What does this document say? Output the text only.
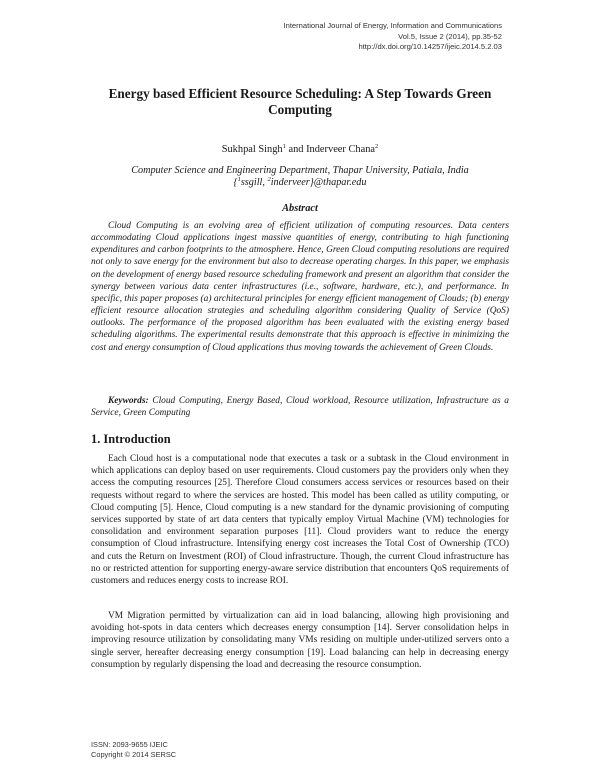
International Journal of Energy, Information and Communications
Vol.5, Issue 2 (2014), pp.35-52
http://dx.doi.org/10.14257/ijeic.2014.5.2.03
Energy based Efficient Resource Scheduling: A Step Towards Green Computing
Sukhpal Singh$^1$ and Inderveer Chana$^2$
Computer Science and Engineering Department, Thapar University, Patiala, India
{$^1$ssgill, $^2$inderveer}@thapar.edu
Abstract

Cloud Computing is an evolving area of efficient utilization of computing resources. Data centers accommodating Cloud applications ingest massive quantities of energy, contributing to high functioning expenditures and carbon footprints to the atmosphere. Hence, Green Cloud computing resolutions are required not only to save energy for the environment but also to decrease operating charges. In this paper, we emphasis on the development of energy based resource scheduling framework and present an algorithm that consider the synergy between various data center infrastructures (i.e., software, hardware, etc.), and performance. In specific, this paper proposes (a) architectural principles for energy efficient management of Clouds; (b) energy efficient resource allocation strategies and scheduling algorithm considering Quality of Service (QoS) outlooks. The performance of the proposed algorithm has been evaluated with the existing energy based scheduling algorithms. The experimental results demonstrate that this approach is effective in minimizing the cost and energy consumption of Cloud applications thus moving towards the achievement of Green Clouds.

Keywords: Cloud Computing, Energy Based, Cloud workload, Resource utilization, Infrastructure as a Service, Green Computing

1. Introduction

Each Cloud host is a computational node that executes a task or a subtask in the Cloud environment in which applications can deploy based on user requirements. Cloud customers pay the providers only when they access the computing resources [25]. Therefore Cloud consumers access services or resources based on their requests without regard to where the services are hosted. This model has been called as utility computing, or Cloud computing [5]. Hence, Cloud computing is a new standard for the dynamic provisioning of computing services supported by state of art data centers that typically employ Virtual Machine (VM) technologies for consolidation and environment separation purposes [11]. Cloud providers want to reduce the energy consumption of Cloud infrastructure. Intensifying energy cost increases the Total Cost of Ownership (TCO) and cuts the Return on Investment (ROI) of Cloud infrastructure. Though, the current Cloud infrastructure has no or restricted attention for supporting energy-aware service distribution that encounters QoS requirements of customers and reduces energy costs to increase ROI.

VM Migration permitted by virtualization can aid in load balancing, allowing high provisioning and avoiding hot-spots in data centers which decreases energy consumption [14]. Server consolidation helps in improving resource utilization by consolidating many VMs residing on multiple under-utilized servers onto a single server, hereafter decreasing energy consumption [19]. Load balancing can help in decreasing energy consumption by regularly dispensing the load and decreasing the resource consumption.

ISSN: 2093-9655 IJEIC
Copyright © 2014 SERSC
